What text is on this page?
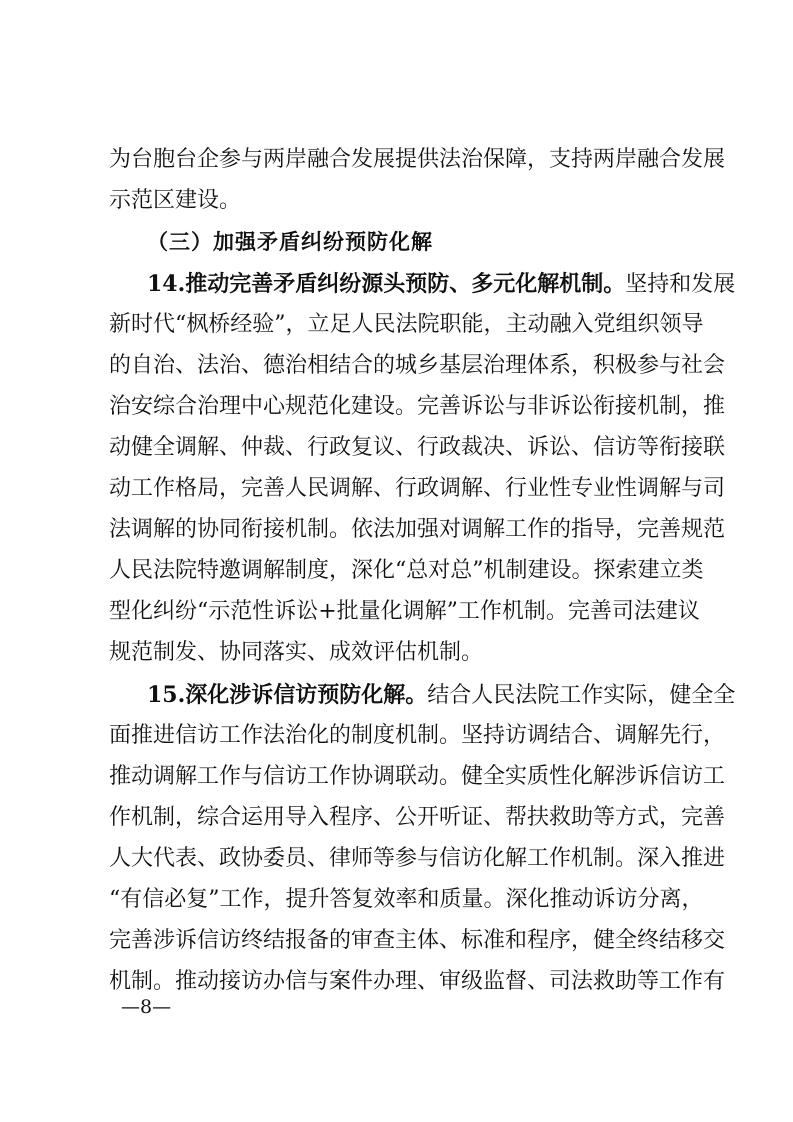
为台胞台企参与两岸融合发展提供法治保障，支持两岸融合发展
示范区建设。
（三）加强矛盾纠纷预防化解
14.推动完善矛盾纠纷源头预防、多元化解机制。坚持和发展
新时代“枫桥经验”，立足人民法院职能，主动融入党组织领导
的自治、法治、德治相结合的城乡基层治理体系，积极参与社会
治安综合治理中心规范化建设。完善诉讼与非诉讼衔接机制，推
动健全调解、仲裁、行政复议、行政裁决、诉讼、信访等衔接联
动工作格局，完善人民调解、行政调解、行业性专业性调解与司
法调解的协同衔接机制。依法加强对调解工作的指导，完善规范
人民法院特邀调解制度，深化“总对总”机制建设。探索建立类
型化纠纷“示范性诉讼+批量化调解”工作机制。完善司法建议
规范制发、协同落实、成效评估机制。
15.深化涉诉信访预防化解。结合人民法院工作实际，健全全
面推进信访工作法治化的制度机制。坚持访调结合、调解先行，
推动调解工作与信访工作协调联动。健全实质性化解涉诉信访工
作机制，综合运用导入程序、公开听证、帮扶救助等方式，完善
人大代表、政协委员、律师等参与信访化解工作机制。深入推进
“有信必复”工作，提升答复效率和质量。深化推动诉访分离，
完善涉诉信访终结报备的审查主体、标准和程序，健全终结移交
机制。推动接访办信与案件办理、审级监督、司法救助等工作有
—8—
